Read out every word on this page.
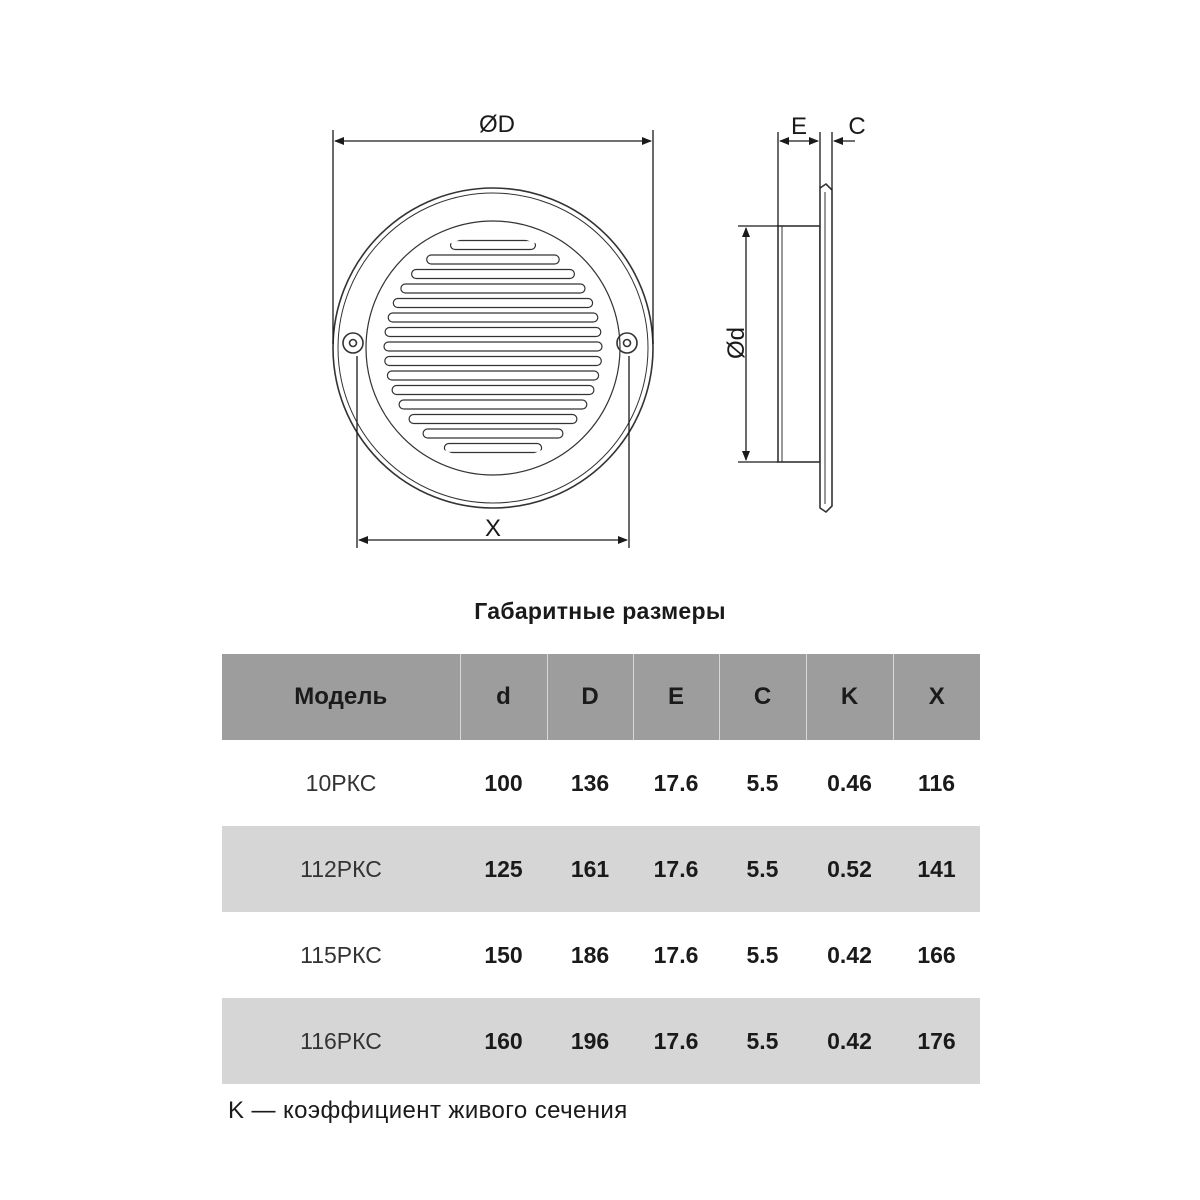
ØD
X
E C
Ød
Габаритные размеры
Модель	d	D	E	C	K	X
10РКС	100	136	17.6	5.5	0.46	116
112РКС	125	161	17.6	5.5	0.52	141
115РКС	150	186	17.6	5.5	0.42	166
116РКС	160	196	17.6	5.5	0.42	176
K — коэффициент живого сечения
